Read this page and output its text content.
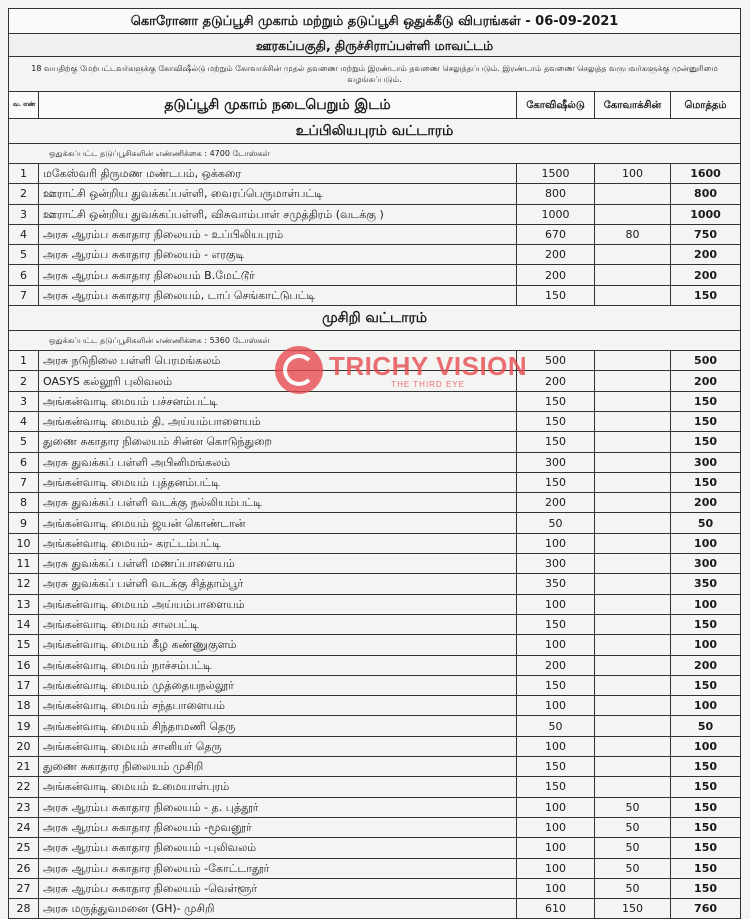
கொரோனா தடுப்பூசி முகாம் மற்றும் தடுப்பூசி ஒதுக்கீடு விபரங்கள் - 06-09-2021				
ஊரகப்பகுதி, திருச்சிராப்பள்ளி மாவட்டம்				
18 வயதிற்கு மேற்பட்டவர்களுக்கு கோவிஷீல்டு மற்றும் கோவாக்சின் முதல் தவணை மற்றும் இரண்டாம் தவணை செலுத்தப்படும். இரண்டாம் தவணை செலுத்த வருபவர்களுக்கு முன்னுரிமை வழங்கப்படும்.				
வ. எண்	தடுப்பூசி முகாம் நடைபெறும் இடம்	கோவிஷீல்டு	கோவாக்சின்	மொத்தம்
உப்பிலியபுரம் வட்டாரம்				
ஒதுக்கப்பட்ட தடுப்பூசிகளின் எண்ணிக்கை : 4700 டோஸ்கள்				
1	மகேஸ்வரி திருமண மண்டபம், ஒக்கரை	1500	100	1600
2	ஊராட்சி ஒன்றிய துவக்கப்பள்ளி, வைரப்பெருமாள்பட்டி	800		800
3	ஊராட்சி ஒன்றிய துவக்கப்பள்ளி, விசுவாம்பாள் சமுத்திரம் (வடக்கு )	1000		1000
4	அரசு ஆரம்ப சுகாதார நிலையம் - உப்பிலியபுரம்	670	80	750
5	அரசு ஆரம்ப சுகாதார நிலையம் - எரகுடி	200		200
6	அரசு ஆரம்ப சுகாதார நிலையம் B.மேட்டூர்	200		200
7	அரசு ஆரம்ப சுகாதார நிலையம், டாப் செங்காட்டுபட்டி	150		150
முசிறி வட்டாரம்				
ஒதுக்கப்பட்ட தடுப்பூசிகளின் எண்ணிக்கை : 5360 டோஸ்கள்				
1	அரசு நடுநிலை பள்ளி பெரமங்கலம்	500		500
2	OASYS கல்லூரி புலிவலம்	200		200
3	அங்கன்வாடி மையம் பச்சனம்பட்டி	150		150
4	அங்கன்வாடி மையம் தி. அய்யம்பாளையம்	150		150
5	துணை சுகாதார நிலையம் சின்ன கொடுந்துறை	150		150
6	அரசு துவக்கப் பள்ளி அபினிமங்கலம்	300		300
7	அங்கன்வாடி மையம் புத்தனம்பட்டி	150		150
8	அரசு துவக்கப் பள்ளி வடக்கு நல்லியம்பட்டி	200		200
9	அங்கன்வாடி மையம் ஜயன் கொண்டான்	50		50
10	அங்கன்வாடி மையம்- கரட்டம்பட்டி	100		100
11	அரசு துவக்கப் பள்ளி மணப்பாளையம்	300		300
12	அரசு துவக்கப் பள்ளி வடக்கு சித்தாம்பூர்	350		350
13	அங்கன்வாடி மையம் அய்யம்பாளையம்	100		100
14	அங்கன்வாடி மையம் சாலபட்டி	150		150
15	அங்கன்வாடி மையம் கீழ கண்ணுகுளம்	100		100
16	அங்கன்வாடி மையம் நாச்சம்பட்டி	200		200
17	அங்கன்வாடி மையம் முத்தையநல்லூர்	150		150
18	அங்கன்வாடி மையம் சந்தபாளையம்	100		100
19	அங்கன்வாடி மையம் சிந்தாமணி தெரு	50		50
20	அங்கன்வாடி மையம் சானியர் தெரு	100		100
21	துணை சுகாதார நிலையம் முசிறி	150		150
22	அங்கன்வாடி மையம் உமையாள்புரம்	150		150
23	அரசு ஆரம்ப சுகாதார நிலையம் - த. புத்தூர்	100	50	150
24	அரசு ஆரம்ப சுகாதார நிலையம் -மூவனூர்	100	50	150
25	அரசு ஆரம்ப சுகாதார நிலையம் -புலிவலம்	100	50	150
26	அரசு ஆரம்ப சுகாதார நிலையம் -கோட்டாதூர்	100	50	150
27	அரசு ஆரம்ப சுகாதார நிலையம் -வெள்ளூர்	100	50	150
28	அரசு மருத்துவமனை (GH)- முசிறி	610	150	760
TRICHY VISION
THE THIRD EYE
